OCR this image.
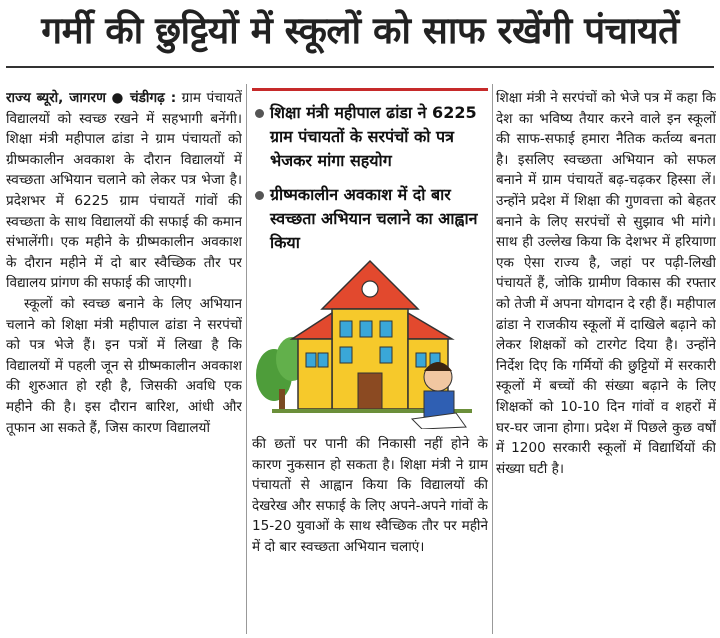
गर्मी की छुट्टियों में स्कूलों को साफ रखेंगी पंचायतें

राज्य ब्यूरो, जागरण ● चंडीगढ़ : ग्राम पंचायतें विद्यालयों को स्वच्छ रखने में सहभागी बनेंगी। शिक्षा मंत्री महीपाल ढांडा ने ग्राम पंचायतों को ग्रीष्मकालीन अवकाश के दौरान विद्यालयों में स्वच्छता अभियान चलाने को लेकर पत्र भेजा है। प्रदेशभर में 6225 ग्राम पंचायतें गांवों की स्वच्छता के साथ विद्यालयों की सफाई की कमान संभालेंगी। एक महीने के ग्रीष्मकालीन अवकाश के दौरान महीने में दो बार स्वैच्छिक तौर पर विद्यालय प्रांगण की सफाई की जाएगी।

स्कूलों को स्वच्छ बनाने के लिए अभियान चलाने को शिक्षा मंत्री महीपाल ढांडा ने सरपंचों को पत्र भेजे हैं। इन पत्रों में लिखा है कि विद्यालयों में पहली जून से ग्रीष्मकालीन अवकाश की शुरुआत हो रही है, जिसकी अवधि एक महीने की है। इस दौरान बारिश, आंधी और तूफान आ सकते हैं, जिस कारण विद्यालयों

शिक्षा मंत्री महीपाल ढांडा ने 6225 ग्राम पंचायतों के सरपंचों को पत्र भेजकर मांगा सहयोग
ग्रीष्मकालीन अवकाश में दो बार स्वच्छता अभियान चलाने का आह्वान किया

की छतों पर पानी की निकासी नहीं होने के कारण नुकसान हो सकता है। शिक्षा मंत्री ने ग्राम पंचायतों से आह्वान किया कि विद्यालयों की देखरेख और सफाई के लिए अपने-अपने गांवों के 15-20 युवाओं के साथ स्वैच्छिक तौर पर महीने में दो बार स्वच्छता अभियान चलाएं।

शिक्षा मंत्री ने सरपंचों को भेजे पत्र में कहा कि देश का भविष्य तैयार करने वाले इन स्कूलों की साफ-सफाई हमारा नैतिक कर्तव्य बनता है। इसलिए स्वच्छता अभियान को सफल बनाने में ग्राम पंचायतें बढ़-चढ़कर हिस्सा लें। उन्होंने प्रदेश में शिक्षा की गुणवत्ता को बेहतर बनाने के लिए सरपंचों से सुझाव भी मांगे। साथ ही उल्लेख किया कि देशभर में हरियाणा एक ऐसा राज्य है, जहां पर पढ़ी-लिखी पंचायतें हैं, जोकि ग्रामीण विकास की रफ्तार को तेजी में अपना योगदान दे रही हैं। महीपाल ढांडा ने राजकीय स्कूलों में दाखिले बढ़ाने को लेकर शिक्षकों को टारगेट दिया है। उन्होंने निर्देश दिए कि गर्मियों की छुट्टियों में सरकारी स्कूलों में बच्चों की संख्या बढ़ाने के लिए शिक्षकों को 10-10 दिन गांवों व शहरों में घर-घर जाना होगा। प्रदेश में पिछले कुछ वर्षों में 1200 सरकारी स्कूलों में विद्यार्थियों की संख्या घटी है।
